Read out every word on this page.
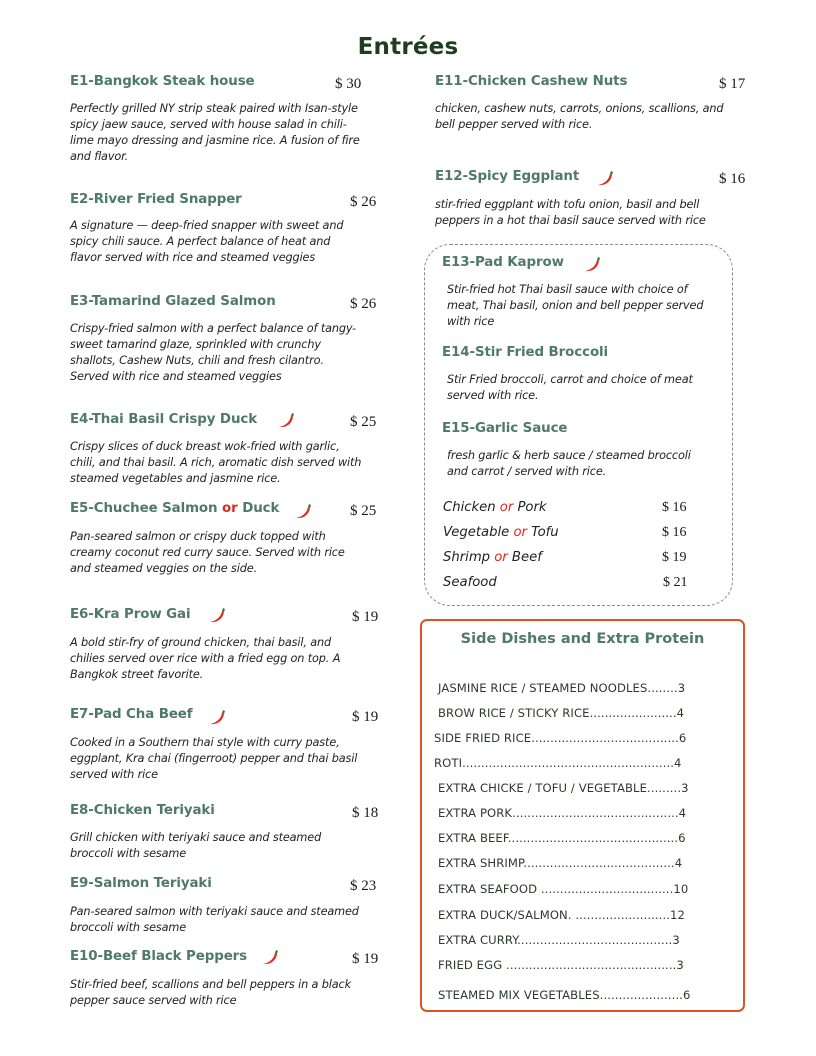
Entrées
E1-Bangkok Steak house	$ 30
Perfectly grilled NY strip steak paired with Isan-style
spicy jaew sauce, served with house salad in chili-
lime mayo dressing and jasmine rice. A fusion of fire
and flavor.
E2-River Fried Snapper	$ 26
A signature — deep-fried snapper with sweet and
spicy chili sauce. A perfect balance of heat and
flavor served with rice and steamed veggies
E3-Tamarind Glazed Salmon	$ 26
Crispy-fried salmon with a perfect balance of tangy-
sweet tamarind glaze, sprinkled with crunchy
shallots, Cashew Nuts, chili and fresh cilantro.
Served with rice and steamed veggies
E4-Thai Basil Crispy Duck	$ 25
Crispy slices of duck breast wok-fried with garlic,
chili, and thai basil. A rich, aromatic dish served with
steamed vegetables and jasmine rice.
E5-Chuchee Salmon or Duck	$ 25
Pan-seared salmon or crispy duck topped with
creamy coconut red curry sauce. Served with rice
and steamed veggies on the side.
E6-Kra Prow Gai	$ 19
A bold stir-fry of ground chicken, thai basil, and
chilies served over rice with a fried egg on top. A
Bangkok street favorite.
E7-Pad Cha Beef	$ 19
Cooked in a Southern thai style with curry paste,
eggplant, Kra chai (fingerroot) pepper and thai basil
served with rice
E8-Chicken Teriyaki	$ 18
Grill chicken with teriyaki sauce and steamed
broccoli with sesame
E9-Salmon Teriyaki	$ 23
Pan-seared salmon with teriyaki sauce and steamed
broccoli with sesame
E10-Beef Black Peppers	$ 19
Stir-fried beef, scallions and bell peppers in a black
pepper sauce served with rice
E11-Chicken Cashew Nuts	$ 17
chicken, cashew nuts, carrots, onions, scallions, and
bell pepper served with rice.
E12-Spicy Eggplant	$ 16
stir-fried eggplant with tofu onion, basil and bell
peppers in a hot thai basil sauce served with rice
E13-Pad Kaprow
Stir-fried hot Thai basil sauce with choice of
meat, Thai basil, onion and bell pepper served
with rice
E14-Stir Fried Broccoli
Stir Fried broccoli, carrot and choice of meat
served with rice.
E15-Garlic Sauce
fresh garlic & herb sauce / steamed broccoli
and carrot / served with rice.
Chicken or Pork	$ 16
Vegetable or Tofu	$ 16
Shrimp or Beef	$ 19
Seafood	$ 21
Side Dishes and Extra Protein
JASMINE RICE / STEAMED NOODLES........3
BROW RICE / STICKY RICE.......................4
SIDE FRIED RICE.......................................6
ROTI........................................................4
EXTRA CHICKE / TOFU / VEGETABLE.........3
EXTRA PORK............................................4
EXTRA BEEF.............................................6
EXTRA SHRIMP........................................4
EXTRA SEAFOOD ...................................10
EXTRA DUCK/SALMON. .........................12
EXTRA CURRY.........................................3
FRIED EGG .............................................3
STEAMED MIX VEGETABLES......................6
